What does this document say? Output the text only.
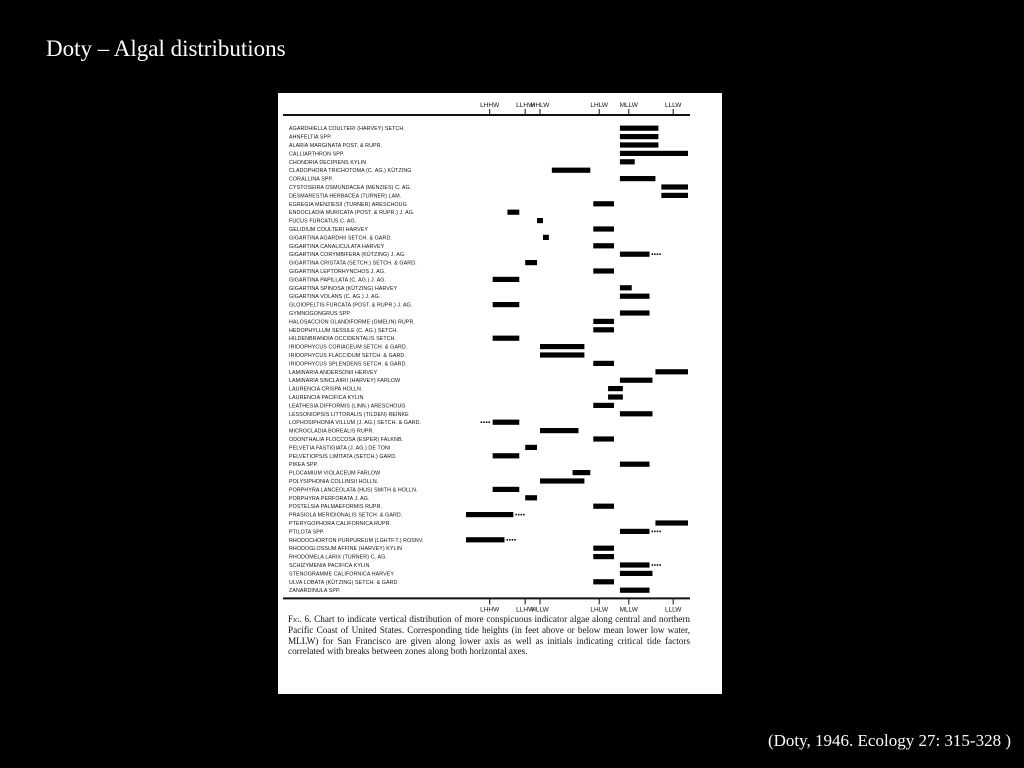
Doty – Algal distributions
LHHW
LHHW
LLHW
LLHW
HHLW
HLLW
LHLW
LHLW
MLLW
MLLW
LLLW
LLLW
AGARDHIELLA COULTERI (HARVEY) SETCH.
AHNFELTIA SPP.
ALARIA MARGINATA POST. & RUPR.
CALLIARTHRON SPP.
CHONDRIA DECIPIENS KYLIN
CLADOPHORA TRICHOTOMA (C. AG.) KÜTZING
CORALLINA SPP.
CYSTOSEIRA OSMUNDACEA (MENZIES) C. AG.
DESMARESTIA HERBACEA (TURNER) LAM.
EGREGIA MENZIESII (TURNER) ARESCHOUG
ENDOCLADIA MURICATA (POST. & RUPR.) J. AG.
FUCUS FURCATUS C. AG.
GELIDIUM COULTERI HARVEY
GIGARTINA AGARDHII SETCH. & GARD.
GIGARTINA CANALICULATA HARVEY
GIGARTINA CORYMBIFERA (KÜTZING) J. AG.
GIGARTINA CRISTATA (SETCH.) SETCH. & GARD.
GIGARTINA LEPTORHYNCHOS J. AG.
GIGARTINA PAPILLATA (C. AG.) J. AG.
GIGARTINA SPINOSA (KÜTZING) HARVEY
GIGARTINA VOLANS (C. AG.) J. AG.
GLOIOPELTIS FURCATA (POST. & RUPR.) J. AG.
GYMNOGONGRUS SPP.
HALOSACCION GLANDIFORME (GMELIN) RUPR.
HEDOPHYLLUM SESSILE (C. AG.) SETCH.
HILDENBRANDIA OCCIDENTALIS SETCH.
IRIDOPHYCUS CORIACEUM SETCH. & GARD.
IRIDOPHYCUS FLACCIDUM SETCH. & GARD.
IRIDOPHYCUS SPLENDENS SETCH. & GARD.
LAMINARIA ANDERSONII HERVEY
LAMINARIA SINCLAIRII (HARVEY) FARLOW
LAURENCIA CRISPA HOLLN.
LAURENCIA PACIFICA KYLIN
LEATHESIA DIFFORMIS (LINN.) ARESCHOUG
LESSONIOPSIS LITTORALIS (TILDEN) REINKE
LOPHOSIPHONIA VILLUM (J. AG.) SETCH. & GARD.
MICROCLADIA BOREALIS RUPR.
ODONTHALIA FLOCCOSA (ESPER) FALKNB.
PELVETIA FASTIGIATA (J. AG.) DE TONI
PELVETIOPSIS LIMITATA (SETCH.) GARD.
PIKEA SPP.
PLOCAMIUM VIOLACEUM FARLOW
POLYSIPHONIA COLLINSII HOLLN.
PORPHYRA LANCEOLATA (HUS) SMITH & HOLLN.
PORPHYRA PERFORATA J. AG.
POSTELSIA PALMAEFORMIS RUPR.
PRASIOLA MERIDIONALIS SETCH. & GARD.
PTERYGOPHORA CALIFORNICA RUPR.
PTILOTA SPP.
RHODOCHORTON PURPUREUM (LGHTF.T.) ROSNV.
RHODOGLOSSUM AFFINE (HARVEY) KYLIN
RHODOMELA LARIX (TURNER) C. AG.
SCHIZYMENIA PACIFICA KYLIN
STENOGRAMME CALIFORNICA HARVEY
ULVA LOBATA (KÜTZING) SETCH. & GARD.
ZANARDINULA SPP.
Fig. 6. Chart to indicate vertical distribution of more conspicuous indicator algae along central and northern Pacific Coast of United States. Corresponding tide heights (in feet above or below mean lower low water, MLLW) for San Francisco are given along lower axis as well as initials indicating critical tide factors correlated with breaks between zones along both horizontal axes.
(Doty, 1946. Ecology 27: 315-328 )
